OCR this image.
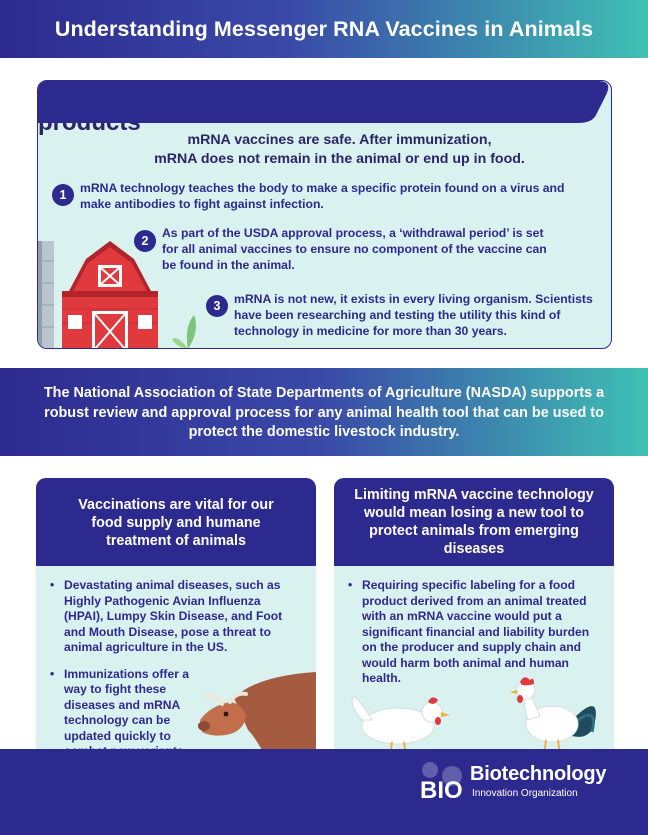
Understanding Messenger RNA Vaccines in Animals
mRNA vaccines are safe. After immunization,
mRNA does not remain in the animal or end up in food.
1	mRNA technology teaches the body to make a specific protein found on a virus and make antibodies to fight against infection.
2
As part of the USDA approval process, a ‘withdrawal period’ is set for all animal vaccines to ensure no component of the vaccine can be found in the animal.
3	mRNA is not new, it exists in every living organism. Scientists have been researching and testing the utility this kind of technology in medicine for more than 30 years.

The National Association of State Departments of Agriculture (NASDA) supports a robust review and approval process for any animal health tool that can be used to protect the domestic livestock industry.

Vaccinations are vital for our food supply and humane treatment of animals
• Devastating animal diseases, such as Highly Pathogenic Avian Influenza (HPAI), Lumpy Skin Disease, and Foot and Mouth Disease, pose a threat to animal agriculture in the US.
• Immunizations offer a way to fight these diseases and mRNA technology can be updated quickly to
Limiting mRNA vaccine technology would mean losing a new tool to protect animals from emerging diseases
• Requiring specific labeling for a food product derived from an animal treated with an mRNA vaccine would put a significant financial and liability burden on the producer and supply chain and would harm both animal and human health.
BIO
Biotechnology
Innovation Organization
